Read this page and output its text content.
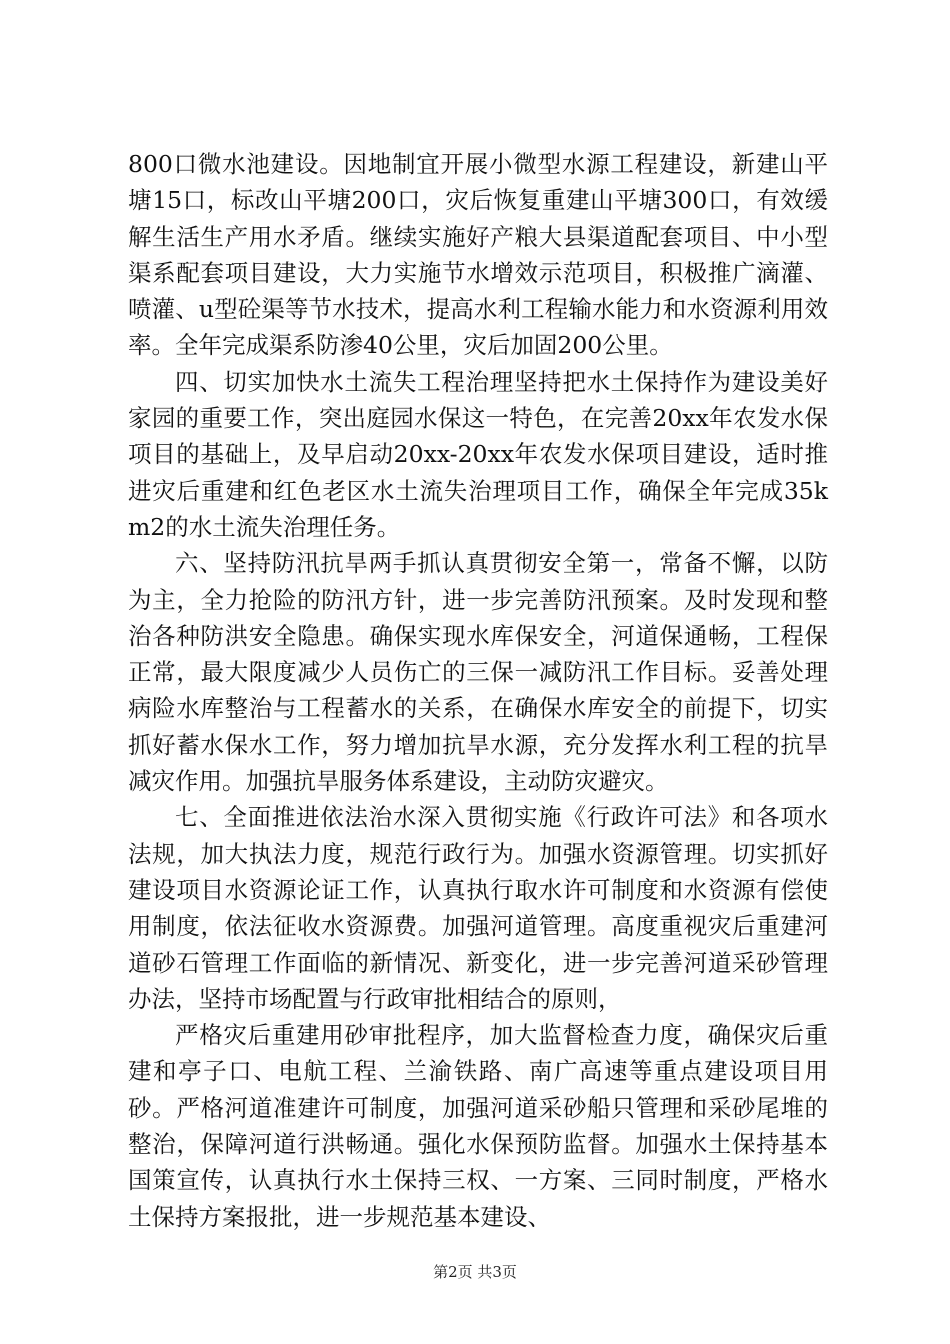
800口微水池建设。因地制宜开展小微型水源工程建设，新建山平塘15口，标改山平塘200口，灾后恢复重建山平塘300口，有效缓解生活生产用水矛盾。继续实施好产粮大县渠道配套项目、中小型渠系配套项目建设，大力实施节水增效示范项目，积极推广滴灌、喷灌、u型砼渠等节水技术，提高水利工程输水能力和水资源利用效率。全年完成渠系防渗40公里，灾后加固200公里。

四、切实加快水土流失工程治理坚持把水土保持作为建设美好家园的重要工作，突出庭园水保这一特色，在完善20xx年农发水保项目的基础上，及早启动20xx-20xx年农发水保项目建设，适时推进灾后重建和红色老区水土流失治理项目工作，确保全年完成35km2的水土流失治理任务。

六、坚持防汛抗旱两手抓认真贯彻安全第一，常备不懈，以防为主，全力抢险的防汛方针，进一步完善防汛预案。及时发现和整治各种防洪安全隐患。确保实现水库保安全，河道保通畅，工程保正常，最大限度减少人员伤亡的三保一减防汛工作目标。妥善处理病险水库整治与工程蓄水的关系，在确保水库安全的前提下，切实抓好蓄水保水工作，努力增加抗旱水源，充分发挥水利工程的抗旱减灾作用。加强抗旱服务体系建设，主动防灾避灾。

七、全面推进依法治水深入贯彻实施《行政许可法》和各项水法规，加大执法力度，规范行政行为。加强水资源管理。切实抓好建设项目水资源论证工作，认真执行取水许可制度和水资源有偿使用制度，依法征收水资源费。加强河道管理。高度重视灾后重建河道砂石管理工作面临的新情况、新变化，进一步完善河道采砂管理办法，坚持市场配置与行政审批相结合的原则，

严格灾后重建用砂审批程序，加大监督检查力度，确保灾后重建和亭子口、电航工程、兰渝铁路、南广高速等重点建设项目用砂。严格河道准建许可制度，加强河道采砂船只管理和采砂尾堆的整治，保障河道行洪畅通。强化水保预防监督。加强水土保持基本国策宣传，认真执行水土保持三权、一方案、三同时制度，严格水土保持方案报批，进一步规范基本建设、

第2页 共3页
